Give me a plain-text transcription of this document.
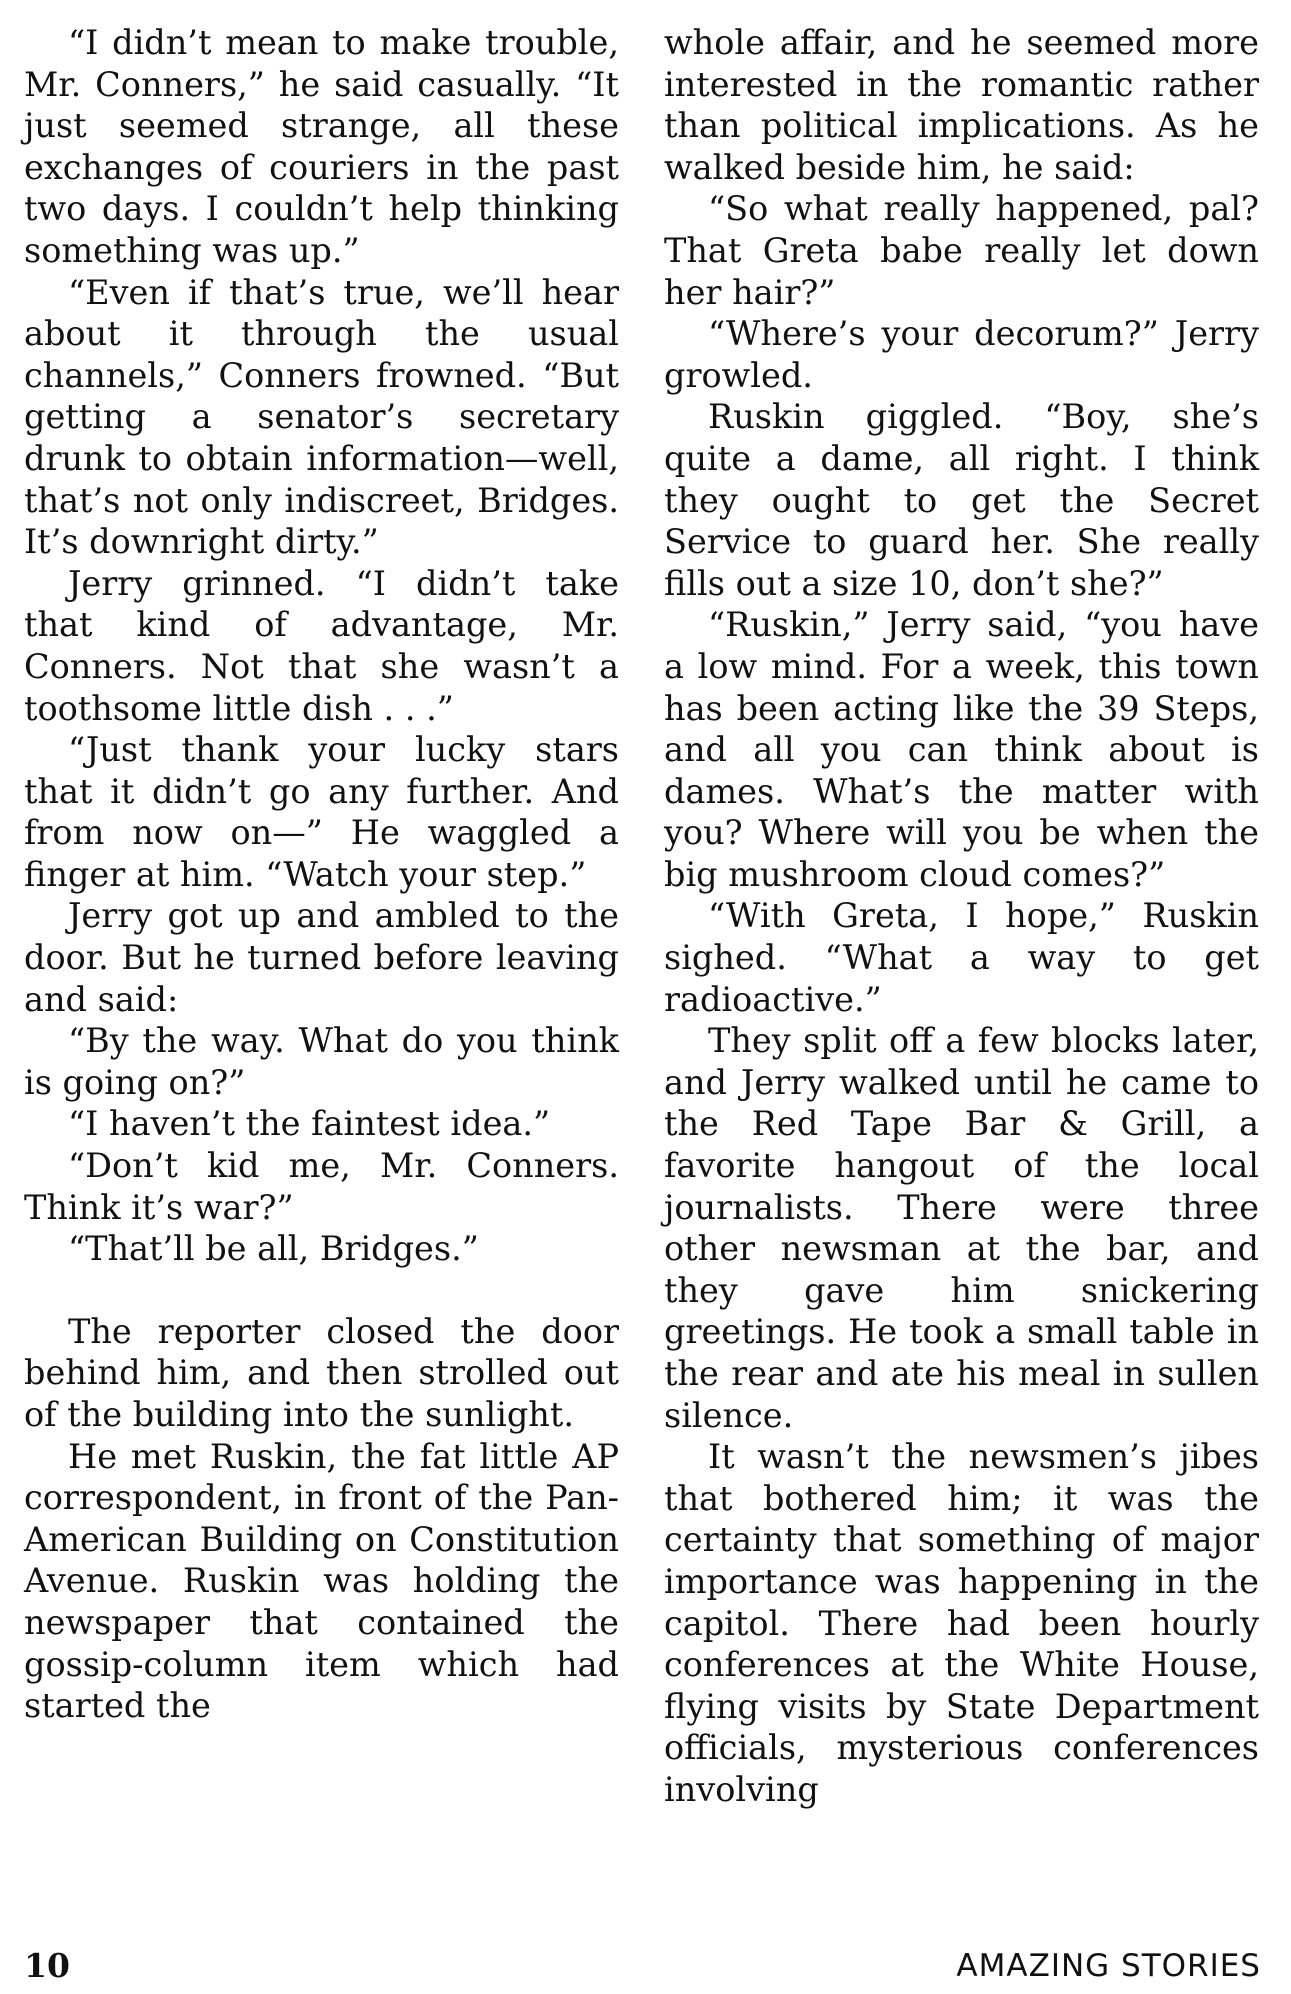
“I didn’t mean to make trouble, Mr. Conners,” he said casually. “It just seemed strange, all these exchanges of couriers in the past two days. I couldn’t help thinking something was up.”

“Even if that’s true, we’ll hear about it through the usual channels,” Conners frowned. “But getting a senator’s secretary drunk to obtain information—well, that’s not only indiscreet, Bridges. It’s downright dirty.”

Jerry grinned. “I didn’t take that kind of advantage, Mr. Conners. Not that she wasn’t a toothsome little dish . . .”

“Just thank your lucky stars that it didn’t go any further. And from now on—” He waggled a finger at him. “Watch your step.”

Jerry got up and ambled to the door. But he turned before leaving and said:

“By the way. What do you think is going on?”

“I haven’t the faintest idea.”

“Don’t kid me, Mr. Conners. Think it’s war?”

“That’ll be all, Bridges.”

The reporter closed the door behind him, and then strolled out of the building into the sunlight.

He met Ruskin, the fat little AP correspondent, in front of the Pan-American Building on Constitution Avenue. Ruskin was holding the newspaper that contained the gossip-column item which had started the

whole affair, and he seemed more interested in the romantic rather than political implications. As he walked beside him, he said:

“So what really happened, pal? That Greta babe really let down her hair?”

“Where’s your decorum?” Jerry growled.

Ruskin giggled. “Boy, she’s quite a dame, all right. I think they ought to get the Secret Service to guard her. She really fills out a size 10, don’t she?”

“Ruskin,” Jerry said, “you have a low mind. For a week, this town has been acting like the 39 Steps, and all you can think about is dames. What’s the matter with you? Where will you be when the big mushroom cloud comes?”

“With Greta, I hope,” Ruskin sighed. “What a way to get radioactive.”

They split off a few blocks later, and Jerry walked until he came to the Red Tape Bar & Grill, a favorite hangout of the local journalists. There were three other newsman at the bar, and they gave him snickering greetings. He took a small table in the rear and ate his meal in sullen silence.

It wasn’t the newsmen’s jibes that bothered him; it was the certainty that something of major importance was happening in the capitol. There had been hourly conferences at the White House, flying visits by State Department officials, mysterious conferences involving

10	AMAZING STORIES
